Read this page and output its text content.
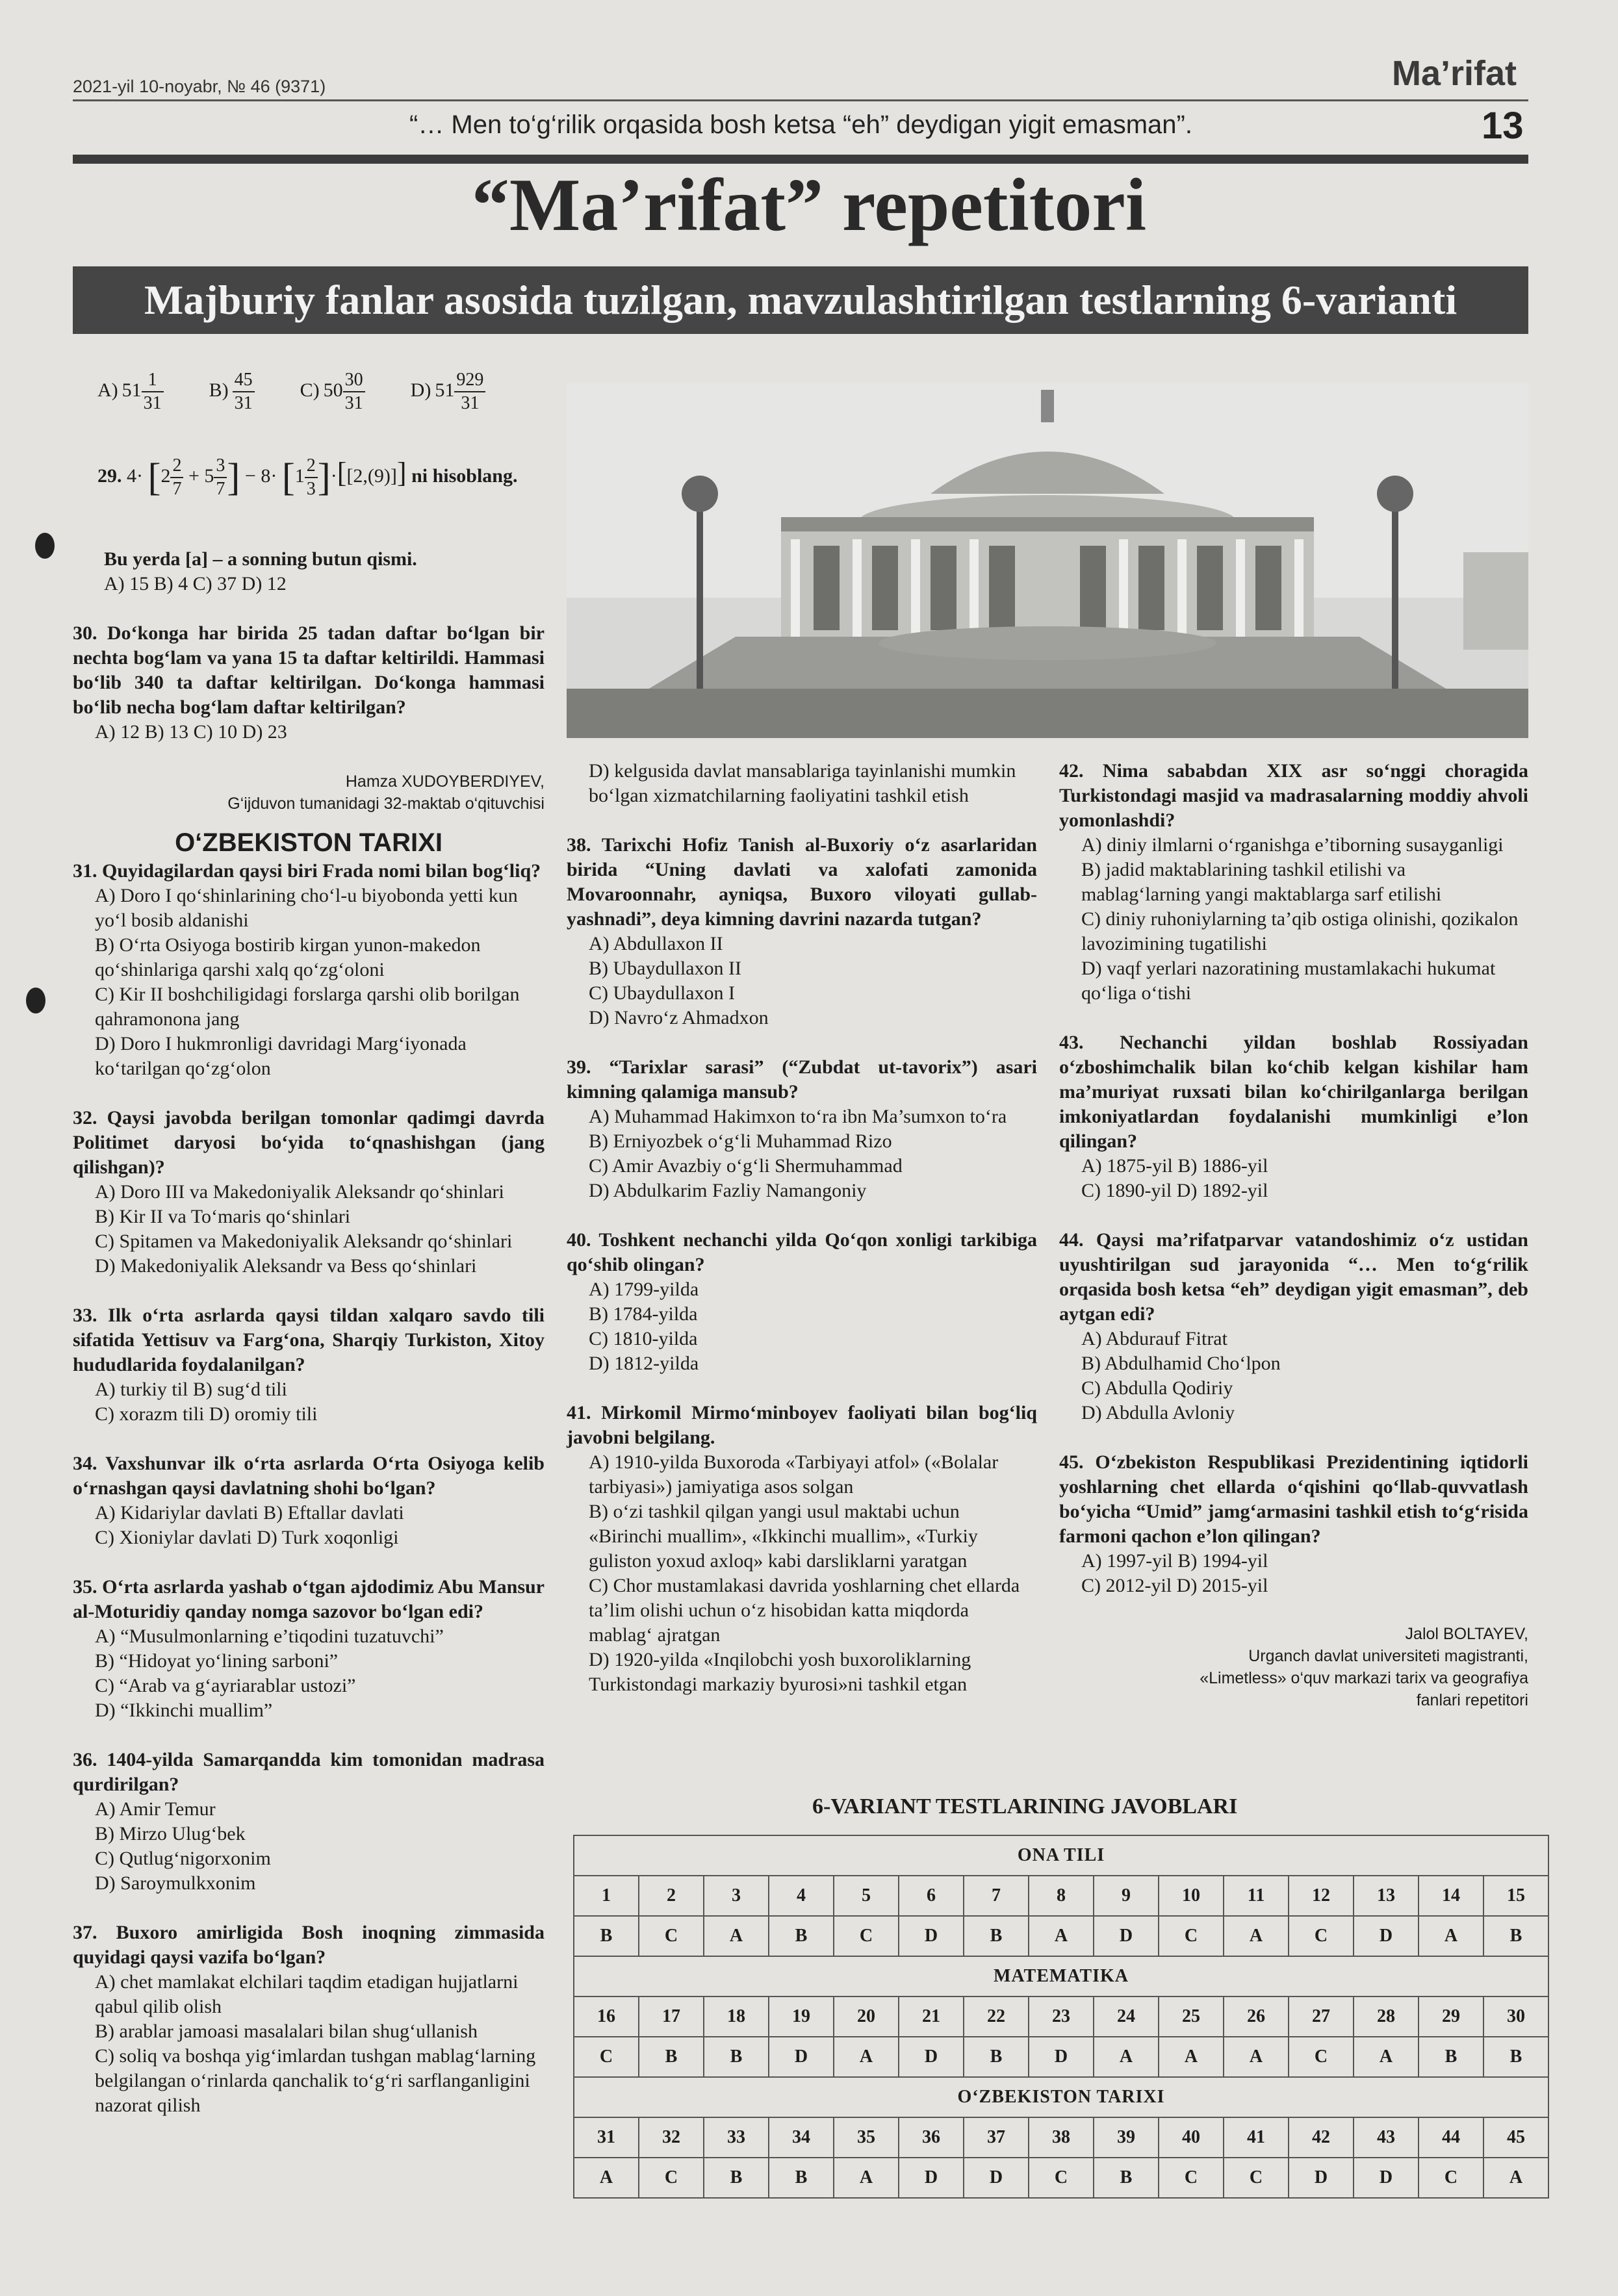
2021-yil 10-noyabr, № 46 (9371)	Ma’rifat
“… Men to‘g‘rilik orqasida bosh ketsa “eh” deydigan yigit emasman”.	13
“Ma’rifat” repetitori
Majburiy fanlar asosida tuzilgan, mavzulashtirilgan testlarning 6-varianti
A) $51 \frac{1}{31} B) \frac{45}{31} C$) $50 \frac{30}{31} D$) $51 \frac{929}{31}$
29. $4\cdot [2 \frac{2}{7} + 5 \frac{3}{7}$ ] − $8\cdot [1 \frac{2}{3} ]\cdot[[2,(9)]]$ ni hisoblang.

Bu yerda [a] – a sonning butun qismi.

A) 15 B) 4 C) 37 D) 12

30. Do‘konga har birida 25 tadan daftar bo‘lgan bir nechta bog‘lam va yana 15 ta daftar keltirildi. Hammasi bo‘lib 340 ta daftar keltirilgan. Do‘konga hammasi bo‘lib necha bog‘lam daftar keltirilgan?

A) 12 B) 13 C) 10 D) 23

Hamza XUDOYBERDIYEV,

G‘ijduvon tumanidagi 32-maktab o‘qituvchisi

O‘ZBEKISTON TARIXI

31. Quyidagilardan qaysi biri Frada nomi bilan bog‘liq?

A) Doro I qo‘shinlarining cho‘l-u biyobonda yetti kun yo‘l bosib aldanishi

B) O‘rta Osiyoga bostirib kirgan yunon-makedon qo‘shinlariga qarshi xalq qo‘zg‘oloni

C) Kir II boshchiligidagi forslarga qarshi olib borilgan qahramonona jang

D) Doro I hukmronligi davridagi Marg‘iyonada ko‘tarilgan qo‘zg‘olon

32. Qaysi javobda berilgan tomonlar qadimgi davrda Politimet daryosi bo‘yida to‘qnashishgan (jang qilishgan)?

A) Doro III va Makedoniyalik Aleksandr qo‘shinlari

B) Kir II va To‘maris qo‘shinlari

C) Spitamen va Makedoniyalik Aleksandr qo‘shinlari

D) Makedoniyalik Aleksandr va Bess qo‘shinlari

33. Ilk o‘rta asrlarda qaysi tildan xalqaro savdo tili sifatida Yettisuv va Farg‘ona, Sharqiy Turkiston, Xitoy hududlarida foydalanilgan?

A) turkiy til B) sug‘d tili

C) xorazm tili D) oromiy tili

34. Vaxshunvar ilk o‘rta asrlarda O‘rta Osiyoga kelib o‘rnashgan qaysi davlatning shohi bo‘lgan?

A) Kidariylar davlati B) Eftallar davlati

C) Xioniylar davlati D) Turk xoqonligi

35. O‘rta asrlarda yashab o‘tgan ajdodimiz Abu Mansur al-Moturidiy qanday nomga sazovor bo‘lgan edi?

A) “Musulmonlarning e’tiqodini tuzatuvchi”

B) “Hidoyat yo‘lining sarboni”

C) “Arab va g‘ayriarablar ustozi”

D) “Ikkinchi muallim”

36. 1404-yilda Samarqandda kim tomonidan madrasa qurdirilgan?

A) Amir Temur

B) Mirzo Ulug‘bek

C) Qutlug‘nigorxonim

D) Saroymulkxonim

37. Buxoro amirligida Bosh inoqning zimmasida quyidagi qaysi vazifa bo‘lgan?

A) chet mamlakat elchilari taqdim etadigan hujjatlarni qabul qilib olish

B) arablar jamoasi masalalari bilan shug‘ullanish

C) soliq va boshqa yig‘imlardan tushgan mablag‘larning belgilangan o‘rinlarda qanchalik to‘g‘ri sarflanganligini nazorat qilish

D) kelgusida davlat mansablariga tayinlanishi mumkin bo‘lgan xizmatchilarning faoliyatini tashkil etish

38. Tarixchi Hofiz Tanish al-Buxoriy o‘z asarlaridan birida “Uning davlati va xalofati zamonida Movaroonnahr, ayniqsa, Buxoro viloyati gullab-yashnadi”, deya kimning davrini nazarda tutgan?

A) Abdullaxon II

B) Ubaydullaxon II

C) Ubaydullaxon I

D) Navro‘z Ahmadxon

39. “Tarixlar sarasi” (“Zubdat ut-tavorix”) asari kimning qalamiga mansub?

A) Muhammad Hakimxon to‘ra ibn Ma’sumxon to‘ra

B) Erniyozbek o‘g‘li Muhammad Rizo

C) Amir Avazbiy o‘g‘li Shermuhammad

D) Abdulkarim Fazliy Namangoniy

40. Toshkent nechanchi yilda Qo‘qon xonligi tarkibiga qo‘shib olingan?

A) 1799-yilda

B) 1784-yilda

C) 1810-yilda

D) 1812-yilda

41. Mirkomil Mirmo‘minboyev faoliyati bilan bog‘liq javobni belgilang.

A) 1910-yilda Buxoroda «Tarbiyayi atfol» («Bolalar tarbiyasi») jamiyatiga asos solgan

B) o‘zi tashkil qilgan yangi usul maktabi uchun «Birinchi muallim», «Ikkinchi muallim», «Turkiy guliston yoxud axloq» kabi darsliklarni yaratgan

C) Chor mustamlakasi davrida yoshlarning chet ellarda ta’lim olishi uchun o‘z hisobidan katta miqdorda mablag‘ ajratgan

D) 1920-yilda «Inqilobchi yosh buxoroliklarning Turkistondagi markaziy byurosi»ni tashkil etgan

42. Nima sababdan XIX asr so‘nggi choragida Turkistondagi masjid va madrasalarning moddiy ahvoli yomonlashdi?

A) diniy ilmlarni o‘rganishga e’tiborning susayganligi

B) jadid maktablarining tashkil etilishi va mablag‘larning yangi maktablarga sarf etilishi

C) diniy ruhoniylarning ta’qib ostiga olinishi, qozikalon lavozimining tugatilishi

D) vaqf yerlari nazoratining mustamlakachi hukumat qo‘liga o‘tishi

43. Nechanchi yildan boshlab Rossiyadan o‘zboshimchalik bilan ko‘chib kelgan kishilar ham ma’muriyat ruxsati bilan ko‘chirilganlarga berilgan imkoniyatlardan foydalanishi mumkinligi e’lon qilingan?

A) 1875-yil B) 1886-yil

C) 1890-yil D) 1892-yil

44. Qaysi ma’rifatparvar vatandoshimiz o‘z ustidan uyushtirilgan sud jarayonida “… Men to‘g‘rilik orqasida bosh ketsa “eh” deydigan yigit emasman”, deb aytgan edi?

A) Abdurauf Fitrat

B) Abdulhamid Cho‘lpon

C) Abdulla Qodiriy

D) Abdulla Avloniy

45. O‘zbekiston Respublikasi Prezidentining iqtidorli yoshlarning chet ellarda o‘qishini qo‘llab-quvvatlash bo‘yicha “Umid” jamg‘armasini tashkil etish to‘g‘risida farmoni qachon e’lon qilingan?

A) 1997-yil B) 1994-yil

C) 2012-yil D) 2015-yil

Jalol BOLTAYEV,

Urganch davlat universiteti magistranti,

«Limetless» o‘quv markazi tarix va geografiya

fanlari repetitori

6-VARIANT TESTLARINING JAVOBLARI
ONA TILI														
1	2	3	4	5	6	7	8	9	10	11	12	13	14	15
B	C	A	B	C	D	B	A	D	C	A	C	D	A	B
MATEMATIKA														
16	17	18	19	20	21	22	23	24	25	26	27	28	29	30
C	B	B	D	A	D	B	D	A	A	A	C	A	B	B
O‘ZBEKISTON TARIXI														
31	32	33	34	35	36	37	38	39	40	41	42	43	44	45
A	C	B	B	A	D	D	C	B	C	C	D	D	C	A
